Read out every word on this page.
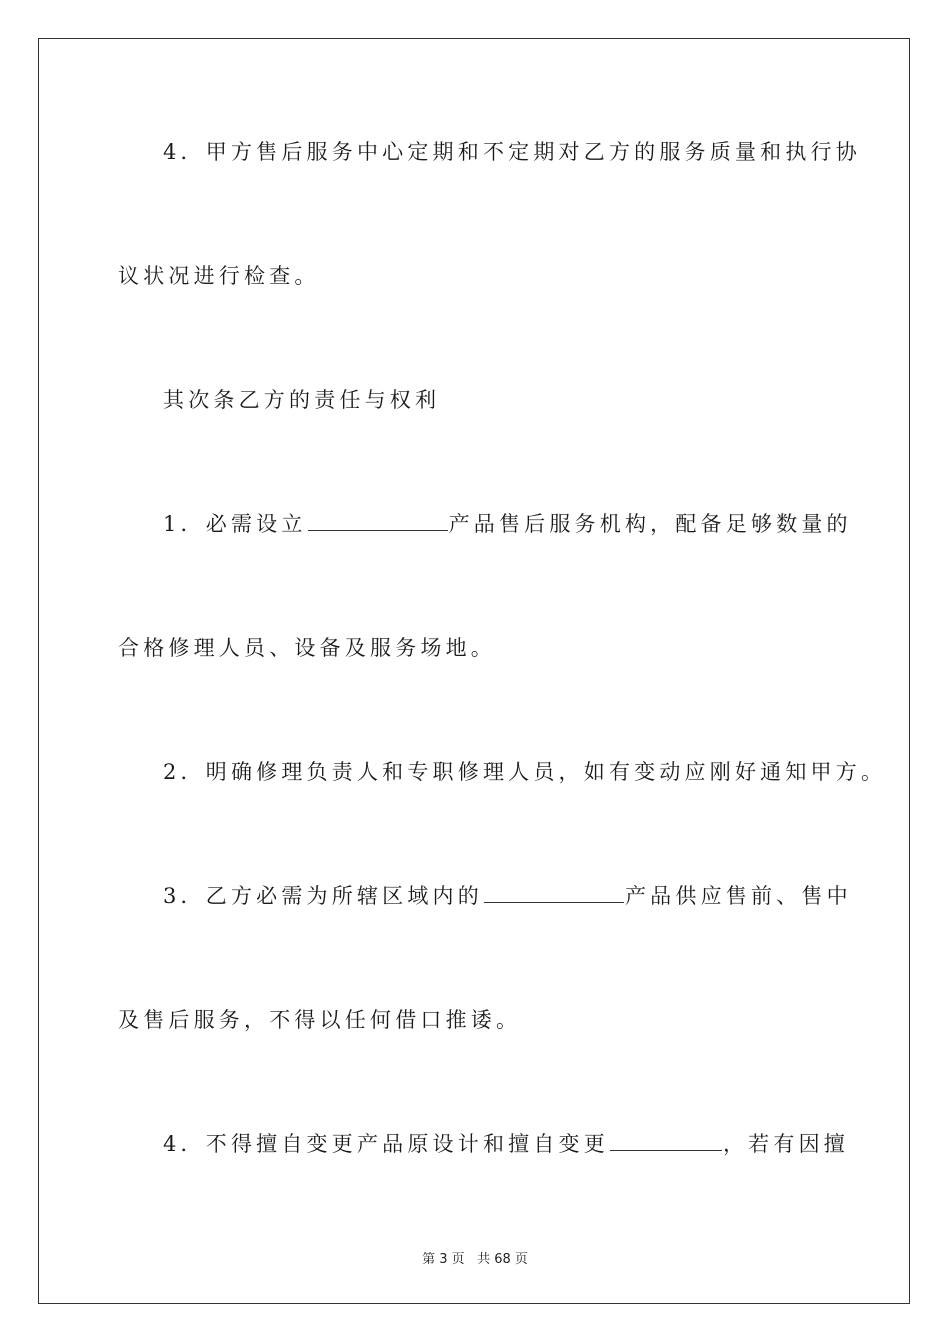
4．甲方售后服务中心定期和不定期对乙方的服务质量和执行协
议状况进行检查。
其次条乙方的责任与权利
1．必需设立	产品售后服务机构，配备足够数量的
合格修理人员、设备及服务场地。
2．明确修理负责人和专职修理人员，如有变动应刚好通知甲方。
3．乙方必需为所辖区域内的	产品供应售前、售中
及售后服务，不得以任何借口推诿。
4．不得擅自变更产品原设计和擅自变更	，若有因擅
第 3 页 共 68 页
